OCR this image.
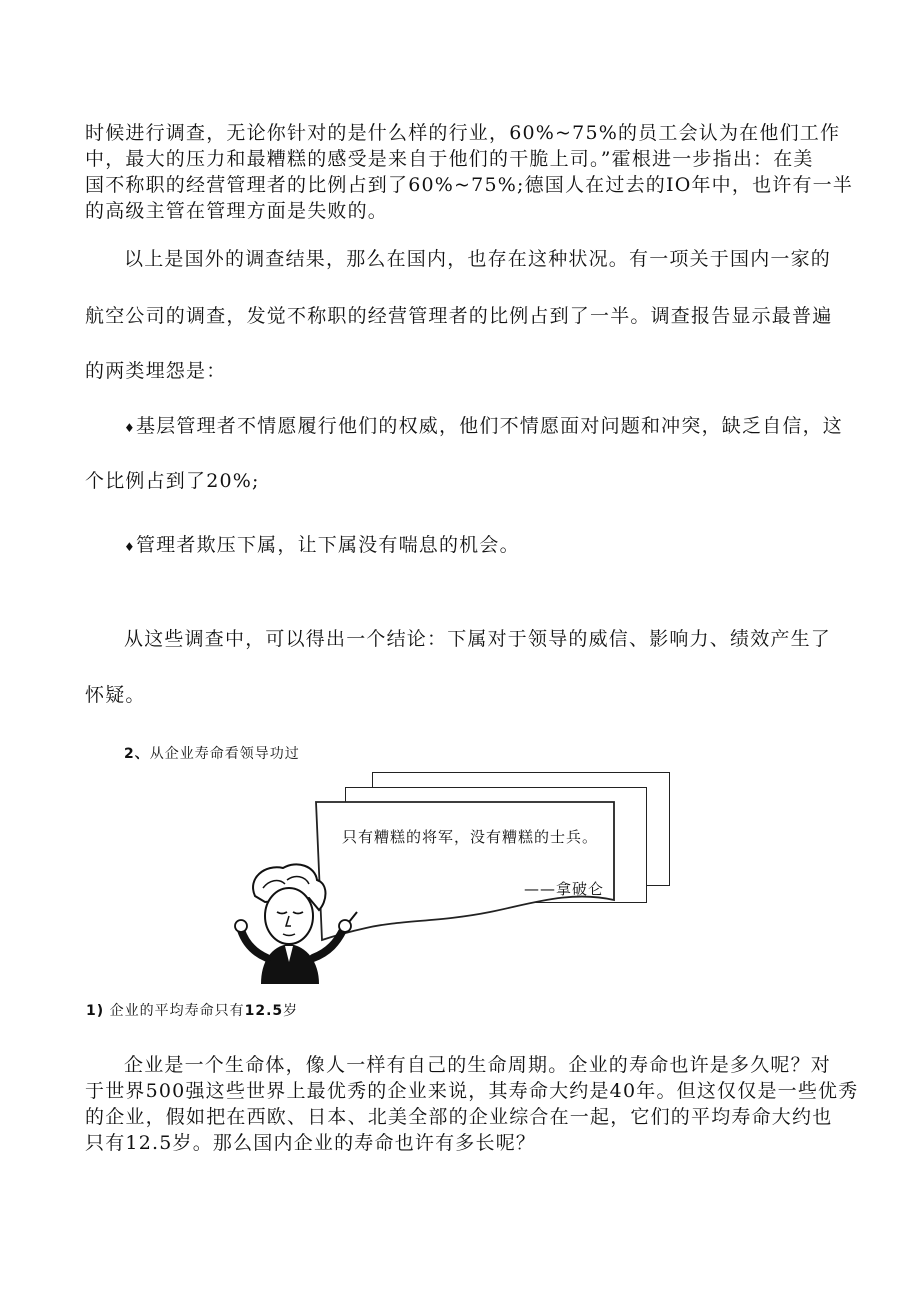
时候进行调查，无论你针对的是什么样的行业，60%~75%的员工会认为在他们工作
中，最大的压力和最糟糕的感受是来自于他们的干脆上司。”霍根进一步指出：在美
国不称职的经营管理者的比例占到了60%~75%;德国人在过去的IO年中，也许有一半
的高级主管在管理方面是失败的。
以上是国外的调查结果，那么在国内，也存在这种状况。有一项关于国内一家的
航空公司的调查，发觉不称职的经营管理者的比例占到了一半。调查报告显示最普遍
的两类埋怨是：
♦基层管理者不情愿履行他们的权威，他们不情愿面对问题和冲突，缺乏自信，这
个比例占到了20%;
♦管理者欺压下属，让下属没有喘息的机会。
从这些调查中，可以得出一个结论：下属对于领导的威信、影响力、绩效产生了
怀疑。
2、从企业寿命看领导功过
只有糟糕的将军，没有糟糕的士兵。
——拿破仑
1) 企业的平均寿命只有12.5岁
企业是一个生命体，像人一样有自己的生命周期。企业的寿命也许是多久呢？对
于世界500强这些世界上最优秀的企业来说，其寿命大约是40年。但这仅仅是一些优秀
的企业，假如把在西欧、日本、北美全部的企业综合在一起，它们的平均寿命大约也
只有12.5岁。那么国内企业的寿命也许有多长呢？
